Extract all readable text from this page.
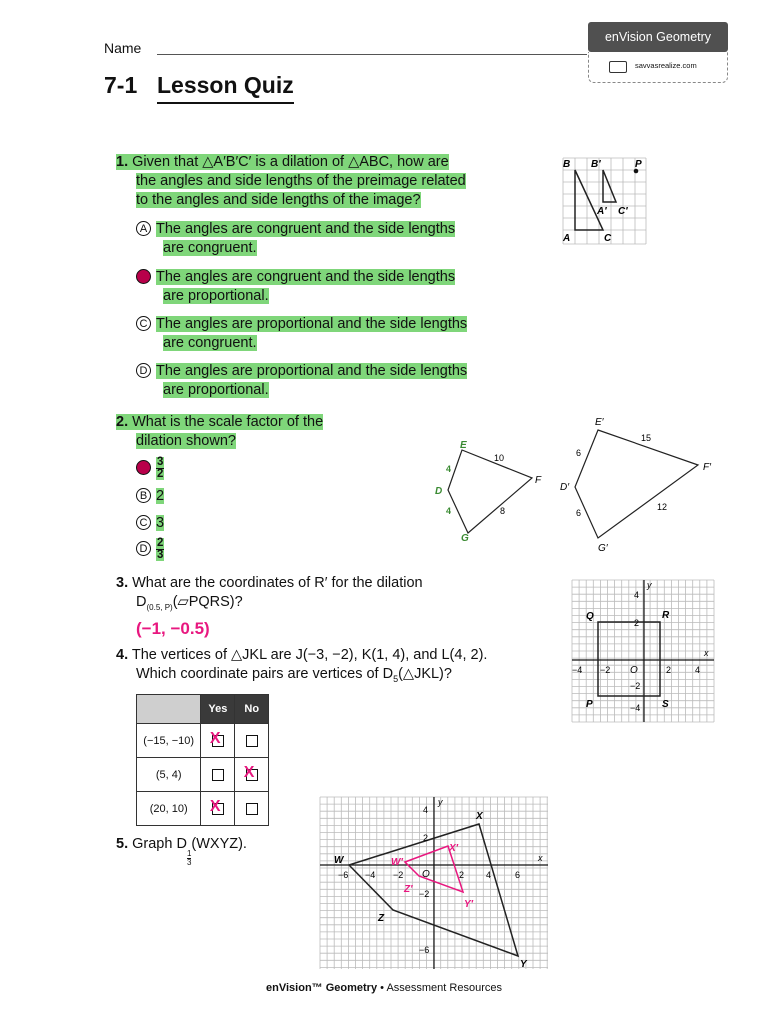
Name
7-1 Lesson Quiz
enVision Geometry
savvasrealize.com
1. Given that △A′B′C′ is a dilation of △ABC, how are
the angles and side lengths of the preimage related
to the angles and side lengths of the image?
A The angles are congruent and the side lengths
are congruent.
B The angles are congruent and the side lengths
are proportional.
C The angles are proportional and the side lengths
are congruent.
D The angles are proportional and the side lengths
are proportional.
B B′	P
A
A′
C
C′
2. What is the scale factor of the
dilation shown?
A $\frac{3}{2}$
B 2
C 3
D $\frac{2}{3}$
E
F
D
G
10
4
4	8
E′
F′
D′
G′
15
6
6
12
3. What are the coordinates of R′ for the dilation
$D_{(0.5, P)}(▱PQRS)$?
(−1, −0.5)
Q	R
P	S
O
x
y
−4 −2	2	4
4
2
−2
−4
4. The vertices of △JKL are J(−3, −2), K(1, 4), and L(4, 2).
Which coordinate pairs are vertices of $D_5(\triangle JKL)$?
	Yes	No
(−15, −10)	X	
(5, 4)		X
(20, 10)	X	
5. Graph D
$\frac{1}{3}$
(WXYZ).
W
X
Y
Z
W′
X′
Y′
Z′
O
x
y
−6 −4 −2	2 4	6
4
2
−2
−6
enVision™ Geometry • Assessment Resources
